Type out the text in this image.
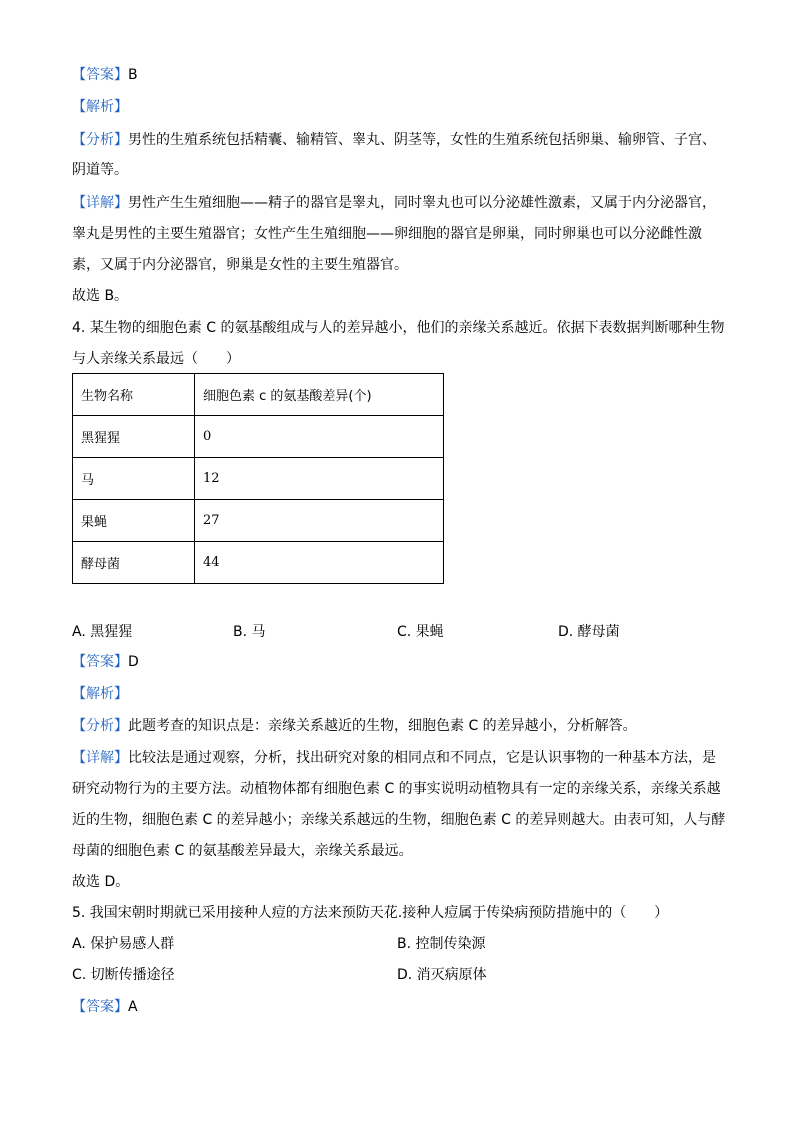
【答案】B
【解析】
【分析】男性的生殖系统包括精囊、输精管、睾丸、阴茎等，女性的生殖系统包括卵巢、输卵管、子宫、
阴道等。
【详解】男性产生生殖细胞——精子的器官是睾丸，同时睾丸也可以分泌雄性激素，又属于内分泌器官，
睾丸是男性的主要生殖器官；女性产生生殖细胞——卵细胞的器官是卵巢，同时卵巢也可以分泌雌性激
素，又属于内分泌器官，卵巢是女性的主要生殖器官。
故选 B。
4. 某生物的细胞色素 C 的氨基酸组成与人的差异越小，他们的亲缘关系越近。依据下表数据判断哪种生物
与人亲缘关系最远（　　）
生物名称	细胞色素 c 的氨基酸差异(个)
黑猩猩	0
马	12
果蝇	27
酵母菌	44
A. 黑猩猩	B. 马	C. 果蝇	D. 酵母菌
【答案】D
【解析】
【分析】此题考查的知识点是：亲缘关系越近的生物，细胞色素 C 的差异越小，分析解答。
【详解】比较法是通过观察，分析，找出研究对象的相同点和不同点，它是认识事物的一种基本方法，是
研究动物行为的主要方法。动植物体都有细胞色素 C 的事实说明动植物具有一定的亲缘关系，亲缘关系越
近的生物，细胞色素 C 的差异越小；亲缘关系越远的生物，细胞色素 C 的差异则越大。由表可知，人与酵
母菌的细胞色素 C 的氨基酸差异最大，亲缘关系最远。
故选 D。
5. 我国宋朝时期就已采用接种人痘的方法来预防天花.接种人痘属于传染病预防措施中的（　　）
A. 保护易感人群	B. 控制传染源
C. 切断传播途径	D. 消灭病原体
【答案】A
